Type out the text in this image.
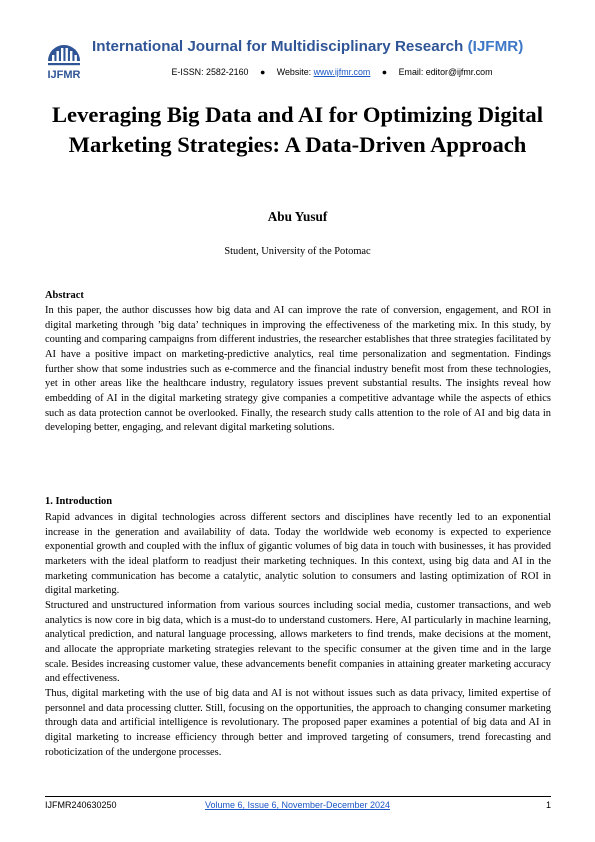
IJFMR
International Journal for Multidisciplinary Research (IJFMR)
E-ISSN: 2582-2160 ● Website: www.ijfmr.com ● Email: editor@ijfmr.com
Leveraging Big Data and AI for Optimizing Digital Marketing Strategies: A Data-Driven Approach
Abu Yusuf
Student, University of the Potomac
Abstract
In this paper, the author discusses how big data and AI can improve the rate of conversion, engagement, and ROI in digital marketing through ’big data’ techniques in improving the effectiveness of the marketing mix. In this study, by counting and comparing campaigns from different industries, the researcher establishes that three strategies facilitated by AI have a positive impact on marketing-predictive analytics, real time personalization and segmentation. Findings further show that some industries such as e-commerce and the financial industry benefit most from these technologies, yet in other areas like the healthcare industry, regulatory issues prevent substantial results. The insights reveal how embedding of AI in the digital marketing strategy give companies a competitive advantage while the aspects of ethics such as data protection cannot be overlooked. Finally, the research study calls attention to the role of AI and big data in developing better, engaging, and relevant digital marketing solutions.
1. Introduction

Rapid advances in digital technologies across different sectors and disciplines have recently led to an exponential increase in the generation and availability of data. Today the worldwide web economy is expected to experience exponential growth and coupled with the influx of gigantic volumes of big data in touch with businesses, it has provided marketers with the ideal platform to readjust their marketing techniques. In this context, using big data and AI in the marketing communication has become a catalytic, analytic solution to consumers and lasting optimization of ROI in digital marketing.

Structured and unstructured information from various sources including social media, customer transactions, and web analytics is now core in big data, which is a must-do to understand customers. Here, AI particularly in machine learning, analytical prediction, and natural language processing, allows marketers to find trends, make decisions at the moment, and allocate the appropriate marketing strategies relevant to the specific consumer at the given time and in the large scale. Besides increasing customer value, these advancements benefit companies in attaining greater marketing accuracy and effectiveness.

Thus, digital marketing with the use of big data and AI is not without issues such as data privacy, limited expertise of personnel and data processing clutter. Still, focusing on the opportunities, the approach to changing consumer marketing through data and artificial intelligence is revolutionary. The proposed paper examines a potential of big data and AI in digital marketing to increase efficiency through better and improved targeting of consumers, trend forecasting and roboticization of the undergone processes.

IJFMR240630250	Volume 6, Issue 6, November-December 2024	1
